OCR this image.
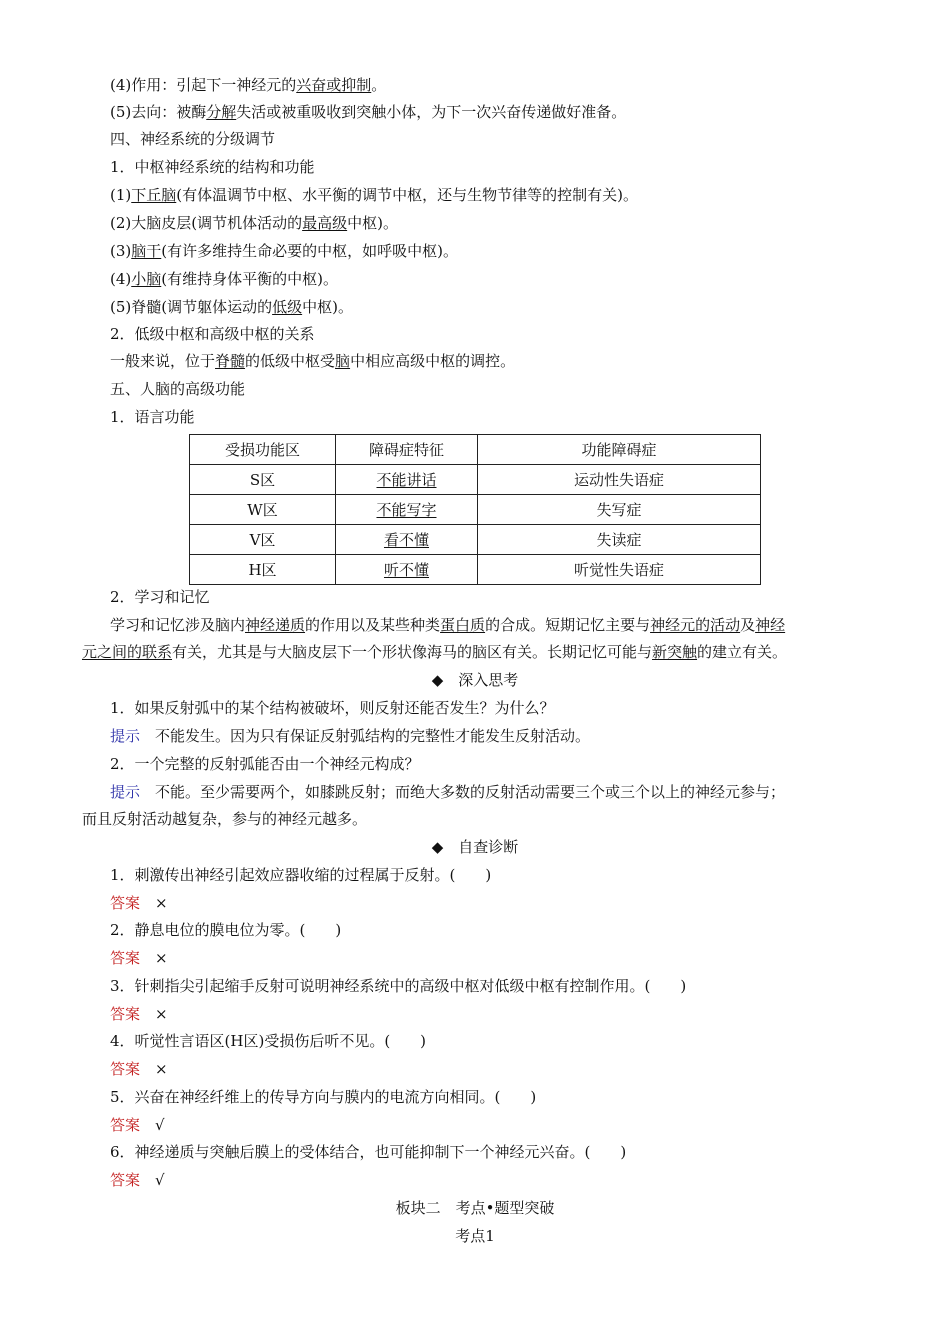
(4)作用：引起下一神经元的兴奋或抑制。

(5)去向：被酶分解失活或被重吸收到突触小体，为下一次兴奋传递做好准备。

四、神经系统的分级调节

1．中枢神经系统的结构和功能

(1)下丘脑(有体温调节中枢、水平衡的调节中枢，还与生物节律等的控制有关)。

(2)大脑皮层(调节机体活动的最高级中枢)。

(3)脑干(有许多维持生命必要的中枢，如呼吸中枢)。

(4)小脑(有维持身体平衡的中枢)。

(5)脊髓(调节躯体运动的低级中枢)。

2．低级中枢和高级中枢的关系

一般来说，位于脊髓的低级中枢受脑中相应高级中枢的调控。

五、人脑的高级功能

1．语言功能

受损功能区	障碍症特征	功能障碍症
S区	不能讲话	运动性失语症
W区	不能写字	失写症
V区	看不懂	失读症
H区	听不懂	听觉性失语症

2．学习和记忆

学习和记忆涉及脑内神经递质的作用以及某些种类蛋白质的合成。短期记忆主要与神经元的活动及神经

元之间的联系有关，尤其是与大脑皮层下一个形状像海马的脑区有关。长期记忆可能与新突触的建立有关。

◆　深入思考

1．如果反射弧中的某个结构被破坏，则反射还能否发生？为什么？

提示　 不能发生。因为只有保证反射弧结构的完整性才能发生反射活动。

2．一个完整的反射弧能否由一个神经元构成？

提示　 不能。至少需要两个，如膝跳反射；而绝大多数的反射活动需要三个或三个以上的神经元参与；

而且反射活动越复杂，参与的神经元越多。

◆　自查诊断

1．刺激传出神经引起效应器收缩的过程属于反射。(　　)

答案　 ×

2．静息电位的膜电位为零。(　　)

答案　 ×

3．针刺指尖引起缩手反射可说明神经系统中的高级中枢对低级中枢有控制作用。(　　)

答案　 ×

4．听觉性言语区(H区)受损伤后听不见。(　　)

答案　 ×

5．兴奋在神经纤维上的传导方向与膜内的电流方向相同。(　　)

答案　 √

6．神经递质与突触后膜上的受体结合，也可能抑制下一个神经元兴奋。(　　)

答案　 √

板块二　考点•题型突破

考点1
